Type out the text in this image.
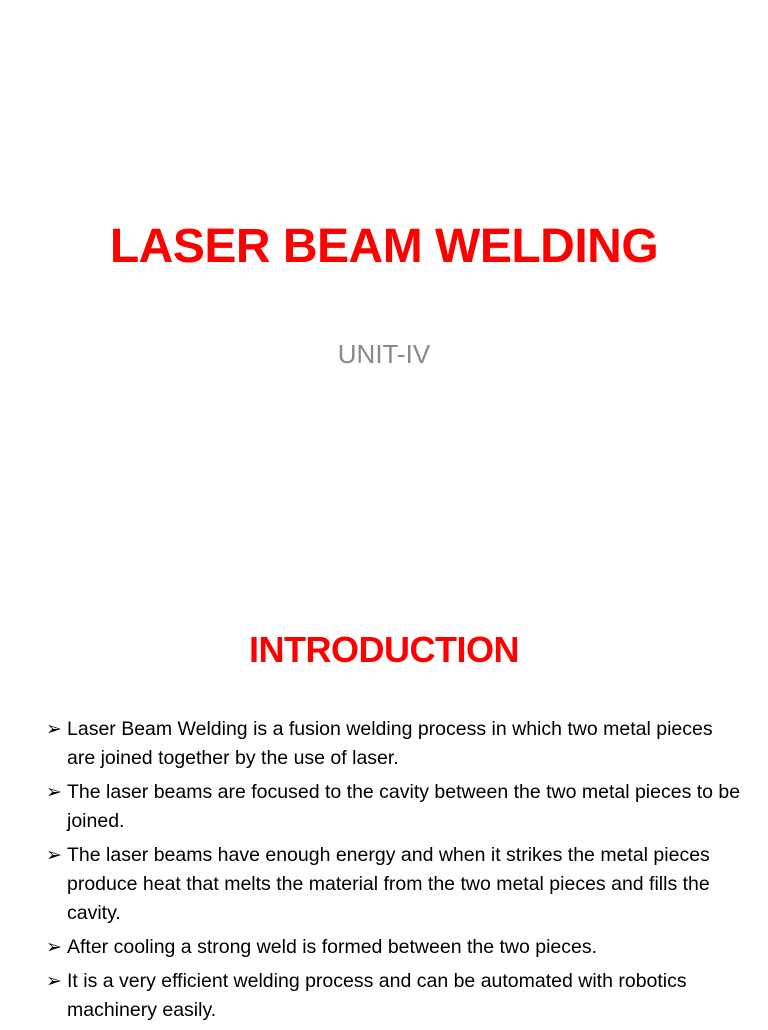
LASER BEAM WELDING

UNIT-IV

INTRODUCTION
➢ Laser Beam Welding is a fusion welding process in which two metal pieces are joined together by the use of laser.
➢ The laser beams are focused to the cavity between the two metal pieces to be joined.
➢ The laser beams have enough energy and when it strikes the metal pieces produce heat that melts the material from the two metal pieces and fills the cavity.
➢ After cooling a strong weld is formed between the two pieces.
➢ It is a very efficient welding process and can be automated with robotics machinery easily.
